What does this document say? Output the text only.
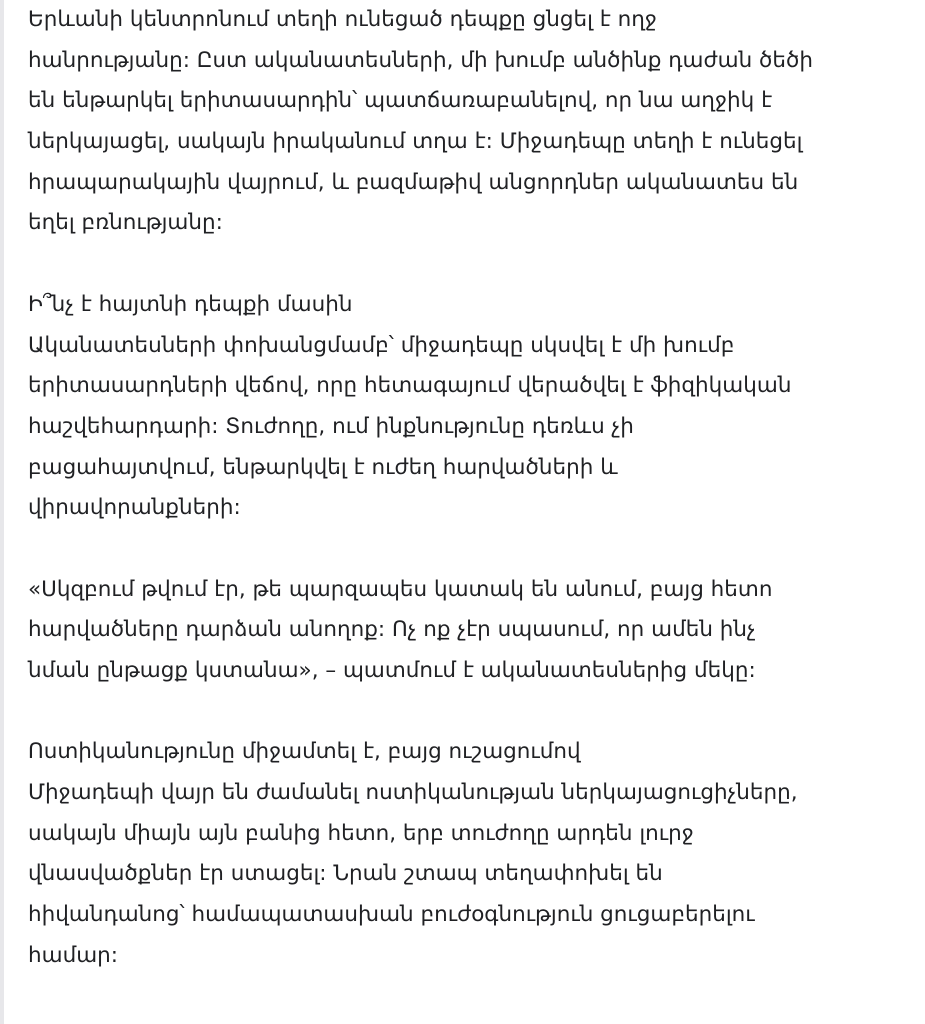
Երևանի կենտրոնում տեղի ունեցած դեպքը ցնցել է ողջ
հանրությանը: Ըստ ականատեսների, մի խումբ անծինք դաժան ծեծի
են ենթարկել երիտասարդին՝ պատճառաբանելով, որ նա աղջիկ է
ներկայացել, սակայն իրականում տղա է: Միջադեպը տեղի է ունեցել
հրապարակային վայրում, և բազմաթիվ անցորդներ ականատես են
եղել բռնությանը:

Ի՞նչ է հայտնի դեպքի մասին
Ականատեսների փոխանցմամբ՝ միջադեպը սկսվել է մի խումբ
երիտասարդների վեճով, որը հետագայում վերածվել է ֆիզիկական
հաշվեհարդարի: Տուժողը, ում ինքնությունը դեռևս չի
բացահայտվում, ենթարկվել է ուժեղ հարվածների և
վիրավորանքների:

«Սկզբում թվում էր, թե պարզապես կատակ են անում, բայց հետո
հարվածները դարձան անողոք: Ոչ ոք չէր սպասում, որ ամեն ինչ
նման ընթացք կստանա», – պատմում է ականատեսներից մեկը:

Ոստիկանությունը միջամտել է, բայց ուշացումով
Միջադեպի վայր են ժամանել ոստիկանության ներկայացուցիչները,
սակայն միայն այն բանից հետո, երբ տուժողը արդեն լուրջ
վնասվածքներ էր ստացել: Նրան շտապ տեղափոխել են
հիվանդանոց՝ համապատասխան բուժօգնություն ցուցաբերելու
համար:
